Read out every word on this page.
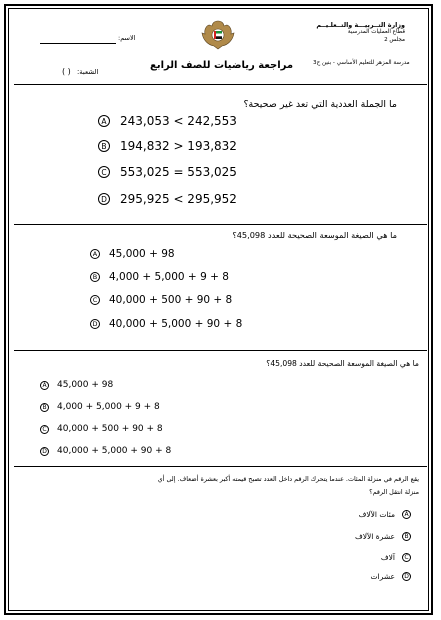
وزارة التــربيـــة والتــعلـيــم
قطاع العمليات المدرسية
مجلس 2
الاسم:
مدرسة المزهر للتعليم الأساسي - بنين ح3
مراجعة رياضيات للصف الرابع
الشعبة: ( )
ما الجملة العددية التي تعد غير صحيحة؟
A 243,053 < 242,553
B 194,832 > 193,832
C 553,025 = 553,025
D 295,925 < 295,952
ما هي الصيغة الموسعة الصحيحة للعدد 45,098؟
A 45,000 + 98
B 4,000 + 5,000 + 9 + 8
C 40,000 + 500 + 90 + 8
D 40,000 + 5,000 + 90 + 8
ما هي الصيغة الموسعة الصحيحة للعدد 45,098؟
A 45,000 + 98
B 4,000 + 5,000 + 9 + 8
C 40,000 + 500 + 90 + 8
D 40,000 + 5,000 + 90 + 8
يقع الرقم في منزلة المئات. عندما يتحرك الرقم داخل العدد تصبح قيمته أكبر بعشرة أضعاف. إلى أي
منزلة انتقل الرقم؟
A
مئات الآلاف
B
عشرة الآلاف
C
آلاف
D
عشرات
